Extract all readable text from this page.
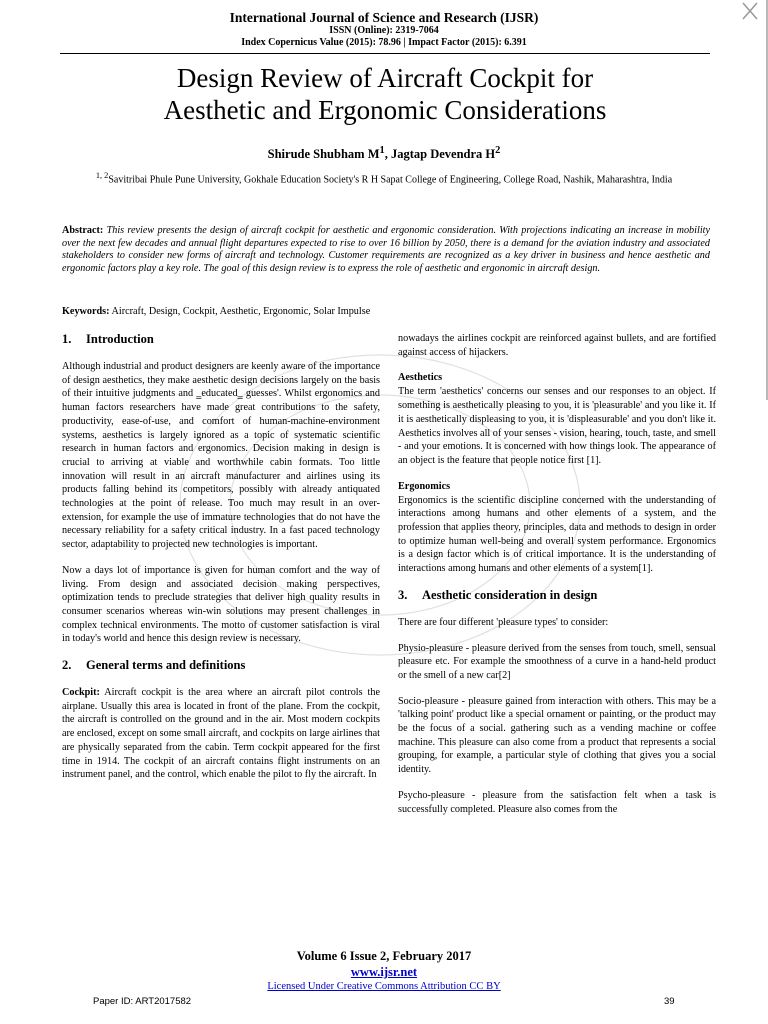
International Journal of Science and Research (IJSR)
ISSN (Online): 2319-7064
Index Copernicus Value (2015): 78.96 | Impact Factor (2015): 6.391
Design Review of Aircraft Cockpit for
Aesthetic and Ergonomic Considerations
Shirude Shubham $M^1$, Jagtap Devendra $H^2$
$^{1, 2}$Savitribai Phule Pune University, Gokhale Education Society's R H Sapat College of Engineering, College Road, Nashik, Maharashtra, India
Abstract: This review presents the design of aircraft cockpit for aesthetic and ergonomic consideration. With projections indicating an increase in mobility over the next few decades and annual flight departures expected to rise to over 16 billion by 2050, there is a demand for the aviation industry and associated stakeholders to consider new forms of aircraft and technology. Customer requirements are recognized as a key driver in business and hence aesthetic and ergonomic factors play a key role. The goal of this design review is to express the role of aesthetic and ergonomic in aircraft design.
Keywords: Aircraft, Design, Cockpit, Aesthetic, Ergonomic, Solar Impulse
1. Introduction

Although industrial and product designers are keenly aware of the importance of design aesthetics, they make aesthetic design decisions largely on the basis of their intuitive judgments and ‗educated‗ guesses'. Whilst ergonomics and human factors researchers have made great contributions to the safety, productivity, ease-of-use, and comfort of human-machine-environment systems, aesthetics is largely ignored as a topic of systematic scientific research in human factors and ergonomics. Decision making in design is crucial to arriving at viable and worthwhile cabin formats. Too little innovation will result in an aircraft manufacturer and airlines using its products falling behind its competitors, possibly with already antiquated technologies at the point of release. Too much may result in an over-extension, for example the use of immature technologies that do not have the necessary reliability for a safety critical industry. In a fast paced technology sector, adaptability to projected new technologies is important.

Now a days lot of importance is given for human comfort and the way of living. From design and associated decision making perspectives, optimization tends to preclude strategies that deliver high quality results in consumer scenarios whereas win-win solutions may present challenges in complex technical environments. The motto of customer satisfaction is viral in today's world and hence this design review is necessary.

2. General terms and definitions

Cockpit: Aircraft cockpit is the area where an aircraft pilot controls the airplane. Usually this area is located in front of the plane. From the cockpit, the aircraft is controlled on the ground and in the air. Most modern cockpits are enclosed, except on some small aircraft, and cockpits on large airlines that are physically separated from the cabin. Term cockpit appeared for the first time in 1914. The cockpit of an aircraft contains flight instruments on an instrument panel, and the control, which enable the pilot to fly the aircraft. In

nowadays the airlines cockpit are reinforced against bullets, and are fortified against access of hijackers.

Aesthetics

The term 'aesthetics' concerns our senses and our responses to an object. If something is aesthetically pleasing to you, it is 'pleasurable' and you like it. If it is aesthetically displeasing to you, it is 'displeasurable' and you don't like it. Aesthetics involves all of your senses - vision, hearing, touch, taste, and smell - and your emotions. It is concerned with how things look. The appearance of an object is the feature that people notice first [1].

Ergonomics

Ergonomics is the scientific discipline concerned with the understanding of interactions among humans and other elements of a system, and the profession that applies theory, principles, data and methods to design in order to optimize human well-being and overall system performance. Ergonomics is a design factor which is of critical importance. It is the understanding of interactions among humans and other elements of a system[1].

3. Aesthetic consideration in design

There are four different 'pleasure types' to consider:

Physio-pleasure - pleasure derived from the senses from touch, smell, sensual pleasure etc. For example the smoothness of a curve in a hand-held product or the smell of a new car[2]

Socio-pleasure - pleasure gained from interaction with others. This may be a 'talking point' product like a special ornament or painting, or the product may be the focus of a social. gathering such as a vending machine or coffee machine. This pleasure can also come from a product that represents a social grouping, for example, a particular style of clothing that gives you a social identity.

Psycho-pleasure - pleasure from the satisfaction felt when a task is successfully completed. Pleasure also comes from the

Volume 6 Issue 2, February 2017
www.ijsr.net
Licensed Under Creative Commons Attribution CC BY
Paper ID: ART2017582	39
